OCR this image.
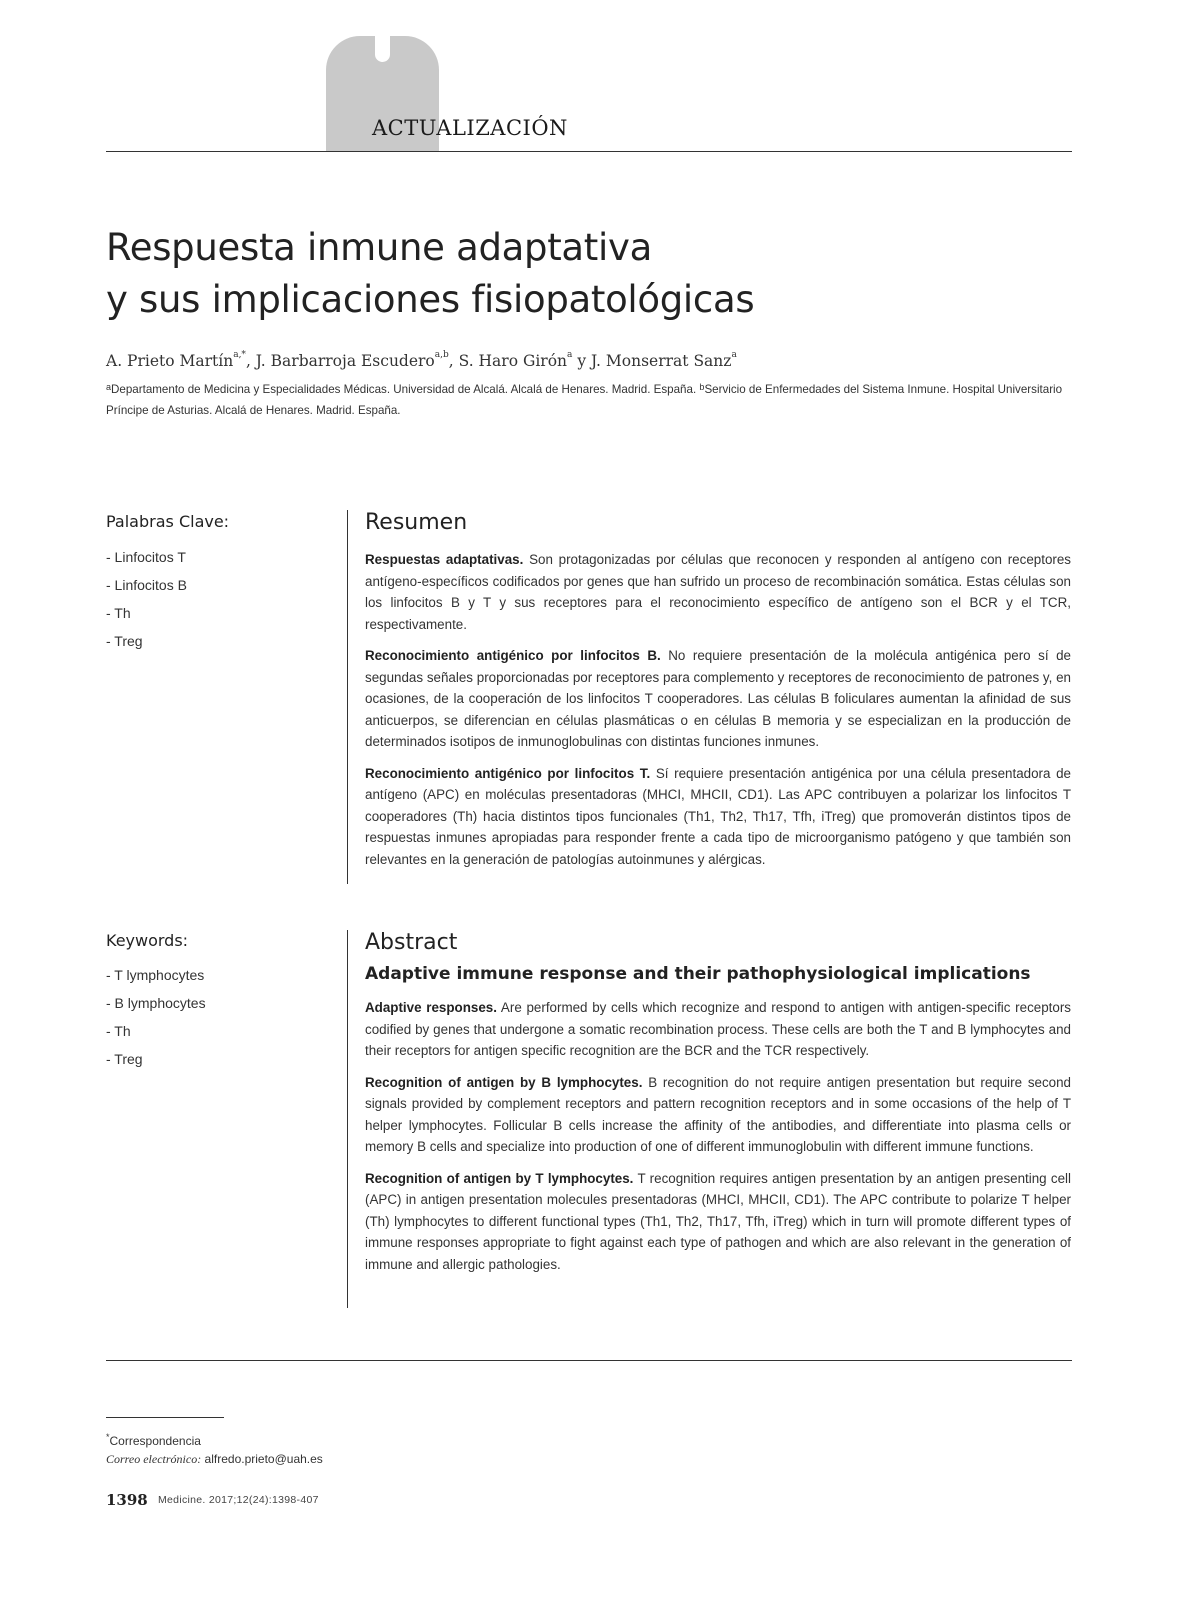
ACTUALIZACIÓN
Respuesta inmune adaptativa
y sus implicaciones fisiopatológicas
A. Prieto Martín$^{a,*}$, J. Barbarroja Escudero$^{a,b}$, S. Haro Girón$^a$ y J. Monserrat Sanz$^a$
$^a$Departamento de Medicina y Especialidades Médicas. Universidad de Alcalá. Alcalá de Henares. Madrid. España. $^b$Servicio de Enfermedades del Sistema Inmune. Hospital Universitario Príncipe de Asturias. Alcalá de Henares. Madrid. España.
Palabras Clave:
- Linfocitos T
- Linfocitos B
- Th
- Treg
Resumen

Respuestas adaptativas. Son protagonizadas por células que reconocen y responden al antígeno con receptores antígeno-específicos codificados por genes que han sufrido un proceso de recombinación somática. Estas células son los linfocitos B y T y sus receptores para el reconocimiento específico de antígeno son el BCR y el TCR, respectivamente.

Reconocimiento antigénico por linfocitos B. No requiere presentación de la molécula antigénica pero sí de segundas señales proporcionadas por receptores para complemento y receptores de reconocimiento de patrones y, en ocasiones, de la cooperación de los linfocitos T cooperadores. Las células B foliculares aumentan la afinidad de sus anticuerpos, se diferencian en células plasmáticas o en células B memoria y se especializan en la producción de determinados isotipos de inmunoglobulinas con distintas funciones inmunes.

Reconocimiento antigénico por linfocitos T. Sí requiere presentación antigénica por una célula presentadora de antígeno (APC) en moléculas presentadoras (MHCI, MHCII, CD1). Las APC contribuyen a polarizar los linfocitos T cooperadores (Th) hacia distintos tipos funcionales (Th1, Th2, Th17, Tfh, iTreg) que promoverán distintos tipos de respuestas inmunes apropiadas para responder frente a cada tipo de microorganismo patógeno y que también son relevantes en la generación de patologías autoinmunes y alérgicas.

Keywords:
- T lymphocytes
- B lymphocytes
- Th
- Treg
Abstract
Adaptive immune response and their pathophysiological implications

Adaptive responses. Are performed by cells which recognize and respond to antigen with antigen-specific receptors codified by genes that undergone a somatic recombination process. These cells are both the T and B lymphocytes and their receptors for antigen specific recognition are the BCR and the TCR respectively.

Recognition of antigen by B lymphocytes. B recognition do not require antigen presentation but require second signals provided by complement receptors and pattern recognition receptors and in some occasions of the help of T helper lymphocytes. Follicular B cells increase the affinity of the antibodies, and differentiate into plasma cells or memory B cells and specialize into production of one of different immunoglobulin with different immune functions.

Recognition of antigen by T lymphocytes. T recognition requires antigen presentation by an antigen presenting cell (APC) in antigen presentation molecules presentadoras (MHCI, MHCII, CD1). The APC contribute to polarize T helper (Th) lymphocytes to different functional types (Th1, Th2, Th17, Tfh, iTreg) which in turn will promote different types of immune responses appropriate to fight against each type of pathogen and which are also relevant in the generation of immune and allergic pathologies.

*Correspondencia
Correo electrónico: alfredo.prieto@uah.es
1398 Medicine. 2017;12(24):1398-407
